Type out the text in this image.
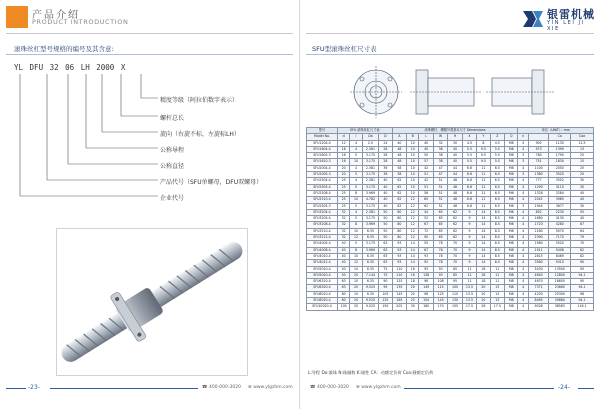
产品介绍
PRODUCT INTRODUCTION
滚珠丝杠型号规格的编号及其含意:
YL DFU 32 06 LH 2000 X
精度等级（阿拉伯数字表示）
螺杆总长
旋向（右旋不标，左旋标LH）
公称导程
公称直径
产品代号（SFU单螺母，DFU双螺母）
企业代号
-23-	☎ 400-000-3020 ⊕ www.ylgzhm.com
银雷机械
YIN LEI JI XIE
SFU型滚珠丝杠尺寸表
型号	SFU 滚珠丝杠尺寸表				滚珠螺杆、螺帽外观基本尺寸 Dimensions									单位（UNIT）：mm			
Model No.	d	I	Da	D	A	B	L	W	H	X	Y	Z	Q	n		Ca	Coa
SFU1204-4	12	4	2.5	24	40	10	40	32	30	4.5	8	4.5	M6	4	902	1130	12.5
SFU1604-4	16	4	2.381	28	48	10	40	38	40	5.5	9.5	5.5	M6	4	973	1399	13
SFU1605-3	16	5	3.175	28	48	10	50	38	40	5.5	9.5	5.5	M6	3	780	1790	20
SFU1610-3	16	10	3.175	28	48	10	57	38	40	5.5	9.5	5.5	M6	3	751	1830	15
SFU2004-4	20	4	2.381	36	58	10	42	47	44	6.6	11	6.5	M6	4	1100	2050	20
SFU2005-3	20	5	3.175	36	58	10	51	47	44	6.6	11	6.5	M6	3	1380	3520	20
SFU2504-4	25	4	2.381	40	62	10	42	51	48	6.6	11	6.5	M6	4	777	3552	30
SFU2505-4	25	5	3.175	40	62	10	51	51	48	6.6	11	6.5	M6	4	1290	3110	30
SFU2508-4	25	8	3.969	40	62	10	58	51	48	6.6	11	6.5	M6	4	1328	3284	40
SFU2510-4	25	10	4.762	40	62	12	85	51	48	6.6	11	6.5	M6	4	2041	3965	40
SFU2505-3	25	5	3.175	40	62	12	62	51	48	6.6	11	6.5	M6	3	1944	3677	30
SFU3204-4	32	4	2.381	50	80	12	44	65	62	9	14	8.5	M6	4	852	2230	55
SFU3205-4	32	5	3.175	50	80	12	52	65	62	9	14	8.5	M6	4	1680	4130	40
SFU3208-4	32	8	3.969	50	80	12	67	65	62	9	14	8.5	M6	4	1720	4280	67
SFU3210-4	32	10	6.35	50	80	12	72	65	62	9	14	8.5	M6	4	2180	5070	64
SFU3212-4	32	12	6.35	50	80	12	90	65	62	9	14	8.5	M6	4	2390	7170	79
SFU4005-4	40	5	3.175	63	93	14	55	78	70	9	14	8.5	M8	4	1980	5520	70
SFU4008-4	40	8	3.969	63	93	14	67	78	70	9	14	8.5	M8	4	1911	5408	82
SFU4010-4	40	10	6.35	63	93	14	93	78	70	9	14	8.5	M8	4	2815	8469	82
SFU4012-4	40	12	6.35	63	93	14	92	78	70	9	14	8.5	M8	4	3580	9310	90
SFU5010-4	50	10	6.35	75	110	16	93	93	85	11	18	11	M8	4	5430	13500	90
SFU5020-4	50	20	7.144	75	110	16	138	93	85	11	18	11	M8	4	4640	12800	94.1
SFU6310-4	63	10	6.35	90	125	18	98	108	95	11	18	11	M8	4	4670	16600	90
SFU6320-4	63	20	9.525	95	135	20	149	115	100	13.5	20	13	M8	4	7371	23660	94.1
SFU8010-4	80	10	6.35	105	145	20	98	125	110	13.5	20	13	M8	4	4200	25300	98
SFU8020-4	80	20	9.525	125	165	25	154	145	130	13.5	20	13	M8	4	8465	30880	94.1
SFU10020-4	100	20	9.525	150	202	30	180	170	155	17.5	26	17.5	M8	4	9028	38583	116.1
L:导程 Da:滚珠 N:珠圈数 K:刚性 CA：动额定负荷 Coa:静额定负荷
☎ 400-000-3020 ⊕ www.ylgzhm.com	-24-
